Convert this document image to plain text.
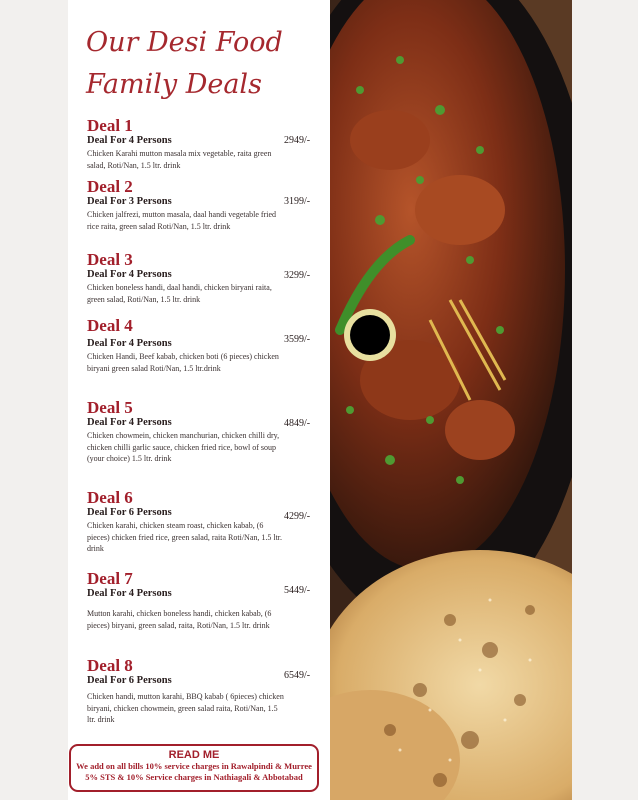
Our Desi Food
Family Deals
Deal 1
Deal For 4 Persons
Chicken Karahi mutton masala mix vegetable, raita green salad, Roti/Nan, 1.5 ltr. drink
2949/-
Deal 2
Deal For 3 Persons
Chicken jalfrezi, mutton masala, daal handi vegetable fried rice raita, green salad Roti/Nan, 1.5 ltr. drink
3199/-
Deal 3
Deal For 4 Persons
Chicken boneless handi, daal handi, chicken biryani raita, green salad, Roti/Nan, 1.5 ltr. drink
3299/-
Deal 4
Deal For 4 Persons
Chicken Handi, Beef kabab, chicken boti (6 pieces) chicken biryani green salad Roti/Nan, 1.5 ltr.drink
3599/-
Deal 5
Deal For 4 Persons
Chicken chowmein, chicken manchurian, chicken chilli dry, chicken chilli garlic sauce, chicken fried rice, bowl of soup (your choice) 1.5 ltr. drink
4849/-
Deal 6
Deal For 6 Persons
Chicken karahi, chicken steam roast, chicken kabab, (6 pieces) chicken fried rice, green salad, raita Roti/Nan, 1.5 ltr. drink
4299/-
Deal 7
Deal For 4 Persons
Mutton karahi, chicken boneless handi, chicken kabab, (6 pieces) biryani, green salad, raita, Roti/Nan, 1.5 ltr. drink
5449/-
Deal 8
Deal For 6 Persons
Chicken handi, mutton karahi, BBQ kabab ( 6pieces) chicken biryani, chicken chowmein, green salad raita, Roti/Nan, 1.5 ltr. drink
6549/-
READ ME
We add on all bills 10% service charges in Rawalpindi & Murree
5% STS & 10% Service charges in Nathiagali & Abbotabad
